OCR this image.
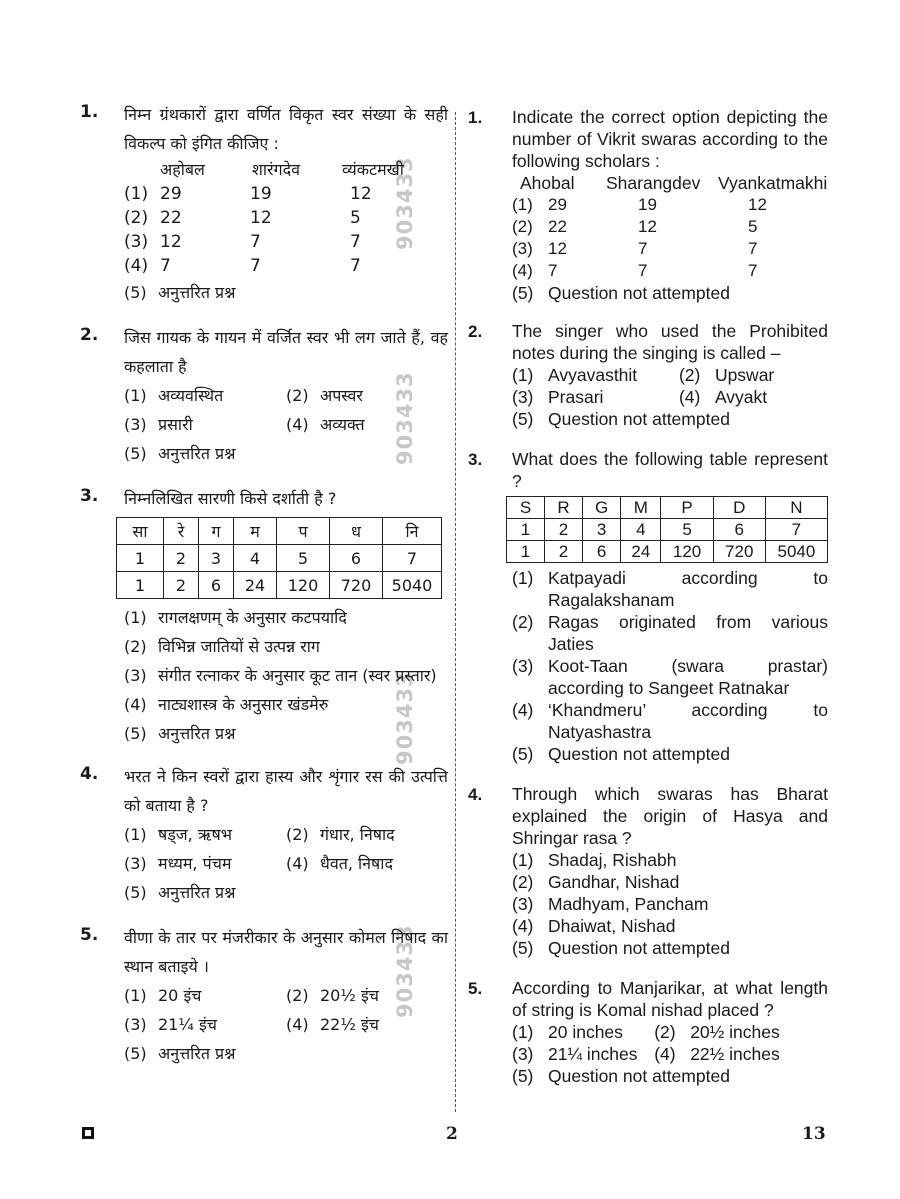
903433
903433
903433
903433
1. निम्न ग्रंथकारों द्वारा वर्णित विकृत स्वर संख्या के सही विकल्प को इंगित कीजिए :
अहोबल	शारंगदेव	व्यंकटमखी
(1) 29	19	12
(2) 22	12	5
(3) 12	7	7
(4) 7	7	7
(5) अनुत्तरित प्रश्न
2. जिस गायक के गायन में वर्जित स्वर भी लग जाते हैं, वह कहलाता है
(1) अव्यवस्थित	(2) अपस्वर
(3) प्रसारी	(4) अव्यक्त
(5) अनुत्तरित प्रश्न
3. निम्नलिखित सारणी किसे दर्शाती है ?
सा	रे	ग	म	प	ध	नि
1	2	3	4	5	6	7
1	2	6	24	120	720	5040
(1) रागलक्षणम् के अनुसार कटपयादि
(2) विभिन्न जातियों से उत्पन्न राग
(3) संगीत रत्नाकर के अनुसार कूट तान (स्वर प्रस्तार)
(4) नाट्यशास्त्र के अनुसार खंडमेरु
(5) अनुत्तरित प्रश्न
4. भरत ने किन स्वरों द्वारा हास्य और शृंगार रस की उत्पत्ति को बताया है ?
(1) षड्ज, ऋषभ	(2) गंधार, निषाद
(3) मध्यम, पंचम	(4) धैवत, निषाद
(5) अनुत्तरित प्रश्न
5. वीणा के तार पर मंजरीकार के अनुसार कोमल निषाद का स्थान बताइये ।
(1) 20 इंच	(2) 20½ इंच
(3) 21¼ इंच	(4) 22½ इंच
(5) अनुत्तरित प्रश्न
1. Indicate the correct option depicting the number of Vikrit swaras according to the following scholars :
Ahobal	Sharangdev	Vyankatmakhi
(1) 29	19	12
(2) 22	12	5
(3) 12	7	7
(4) 7	7	7
(5) Question not attempted
2. The singer who used the Prohibited notes during the singing is called –
(1) Avyavasthit (2) Upswar
(3) Prasari	(4) Avyakt
(5) Question not attempted
3. What does the following table represent ?
S	R	G	M	P	D	N
1	2	3	4	5	6	7
1	2	6	24	120	720	5040
(1) Katpayadi according to Ragalakshanam
(2) Ragas originated from various Jaties
(3) Koot-Taan (swara prastar) according to Sangeet Ratnakar
(4) ‘Khandmeru’ according to Natyashastra
(5) Question not attempted
4. Through which swaras has Bharat explained the origin of Hasya and Shringar rasa ?
(1) Shadaj, Rishabh
(2) Gandhar, Nishad
(3) Madhyam, Pancham
(4) Dhaiwat, Nishad
(5) Question not attempted
5. According to Manjarikar, at what length of string is Komal nishad placed ?
(1) 20 inches (2) 20½ inches
(3) 21¼ inches (4) 22½ inches
(5) Question not attempted
2	13
